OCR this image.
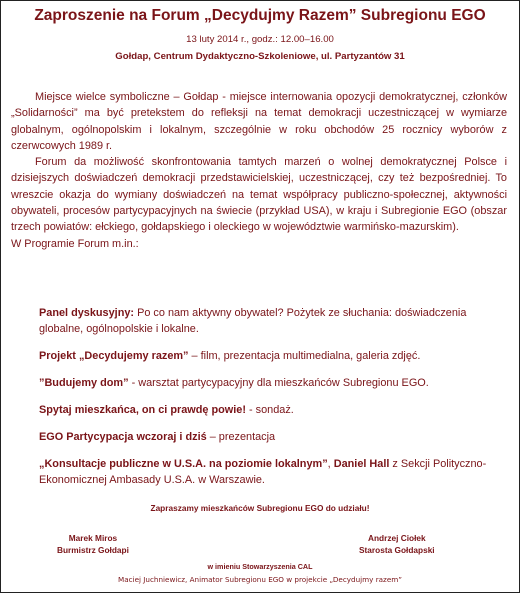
Zaproszenie na Forum „Decydujmy Razem” Subregionu EGO
13 luty 2014 r., godz.: 12.00–16.00
Gołdap, Centrum Dydaktyczno-Szkoleniowe, ul. Partyzantów 31

Miejsce wielce symboliczne – Gołdap - miejsce internowania opozycji demokratycznej, członków „Solidarności” ma być pretekstem do refleksji na temat demokracji uczestniczącej w wymiarze globalnym, ogólnopolskim i lokalnym, szczególnie w roku obchodów 25 rocznicy wyborów z czerwcowych 1989 r.

Forum da możliwość skonfrontowania tamtych marzeń o wolnej demokratycznej Polsce i dzisiejszych doświadczeń demokracji przedstawicielskiej, uczestniczącej, czy też bezpośredniej. To wreszcie okazja do wymiany doświadczeń na temat współpracy publiczno-społecznej, aktywności obywateli, procesów partycypacyjnych na świecie (przykład USA), w kraju i Subregionie EGO (obszar trzech powiatów: ełckiego, gołdapskiego i oleckiego w województwie warmińsko-mazurskim).

W Programie Forum m.in.:

Panel dyskusyjny: Po co nam aktywny obywatel? Pożytek ze słuchania: doświadczenia globalne, ogólnopolskie i lokalne.
Projekt „Decydujemy razem” – film, prezentacja multimedialna, galeria zdjęć.
”Budujemy dom” - warsztat partycypacyjny dla mieszkańców Subregionu EGO.
Spytaj mieszkańca, on ci prawdę powie! - sondaż.
EGO Partycypacja wczoraj i dziś – prezentacja
„Konsultacje publiczne w U.S.A. na poziomie lokalnym”, Daniel Hall z Sekcji Polityczno-Ekonomicznej Ambasady U.S.A. w Warszawie.
Zapraszamy mieszkańców Subregionu EGO do udziału!
Marek Miros
Burmistrz Gołdapi
Andrzej Ciołek
Starosta Gołdapski
w imieniu Stowarzyszenia CAL
Maciej Juchniewicz, Animator Subregionu EGO w projekcie „Decydujmy razem”
